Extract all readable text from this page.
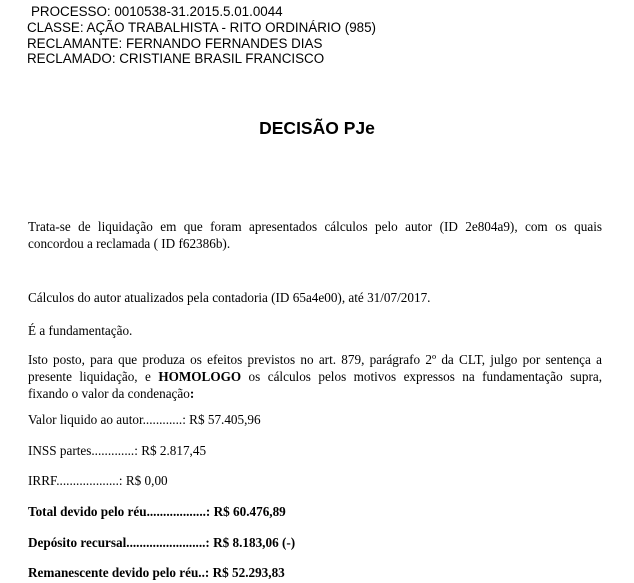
PROCESSO: 0010538-31.2015.5.01.0044
CLASSE: AÇÃO TRABALHISTA - RITO ORDINÁRIO (985)
RECLAMANTE: FERNANDO FERNANDES DIAS
RECLAMADO: CRISTIANE BRASIL FRANCISCO
DECISÃO PJe
Trata-se de liquidação em que foram apresentados cálculos pelo autor (ID 2e804a9), com os quais
concordou a reclamada ( ID f62386b).
Cálculos do autor atualizados pela contadoria (ID 65a4e00), até 31/07/2017.
É a fundamentação.
Isto posto, para que produza os efeitos previstos no art. 879, parágrafo 2º da CLT, julgo por sentença a
presente liquidação, e HOMOLOGO os cálculos pelos motivos expressos na fundamentação supra,
fixando o valor da condenação:
Valor liquido ao autor............: R$ 57.405,96
INSS partes.............: R$ 2.817,45
IRRF...................: R$ 0,00
Total devido pelo réu..................: R$ 60.476,89
Depósito recursal........................: R$ 8.183,06 (-)
Remanescente devido pelo réu..: R$ 52.293,83
